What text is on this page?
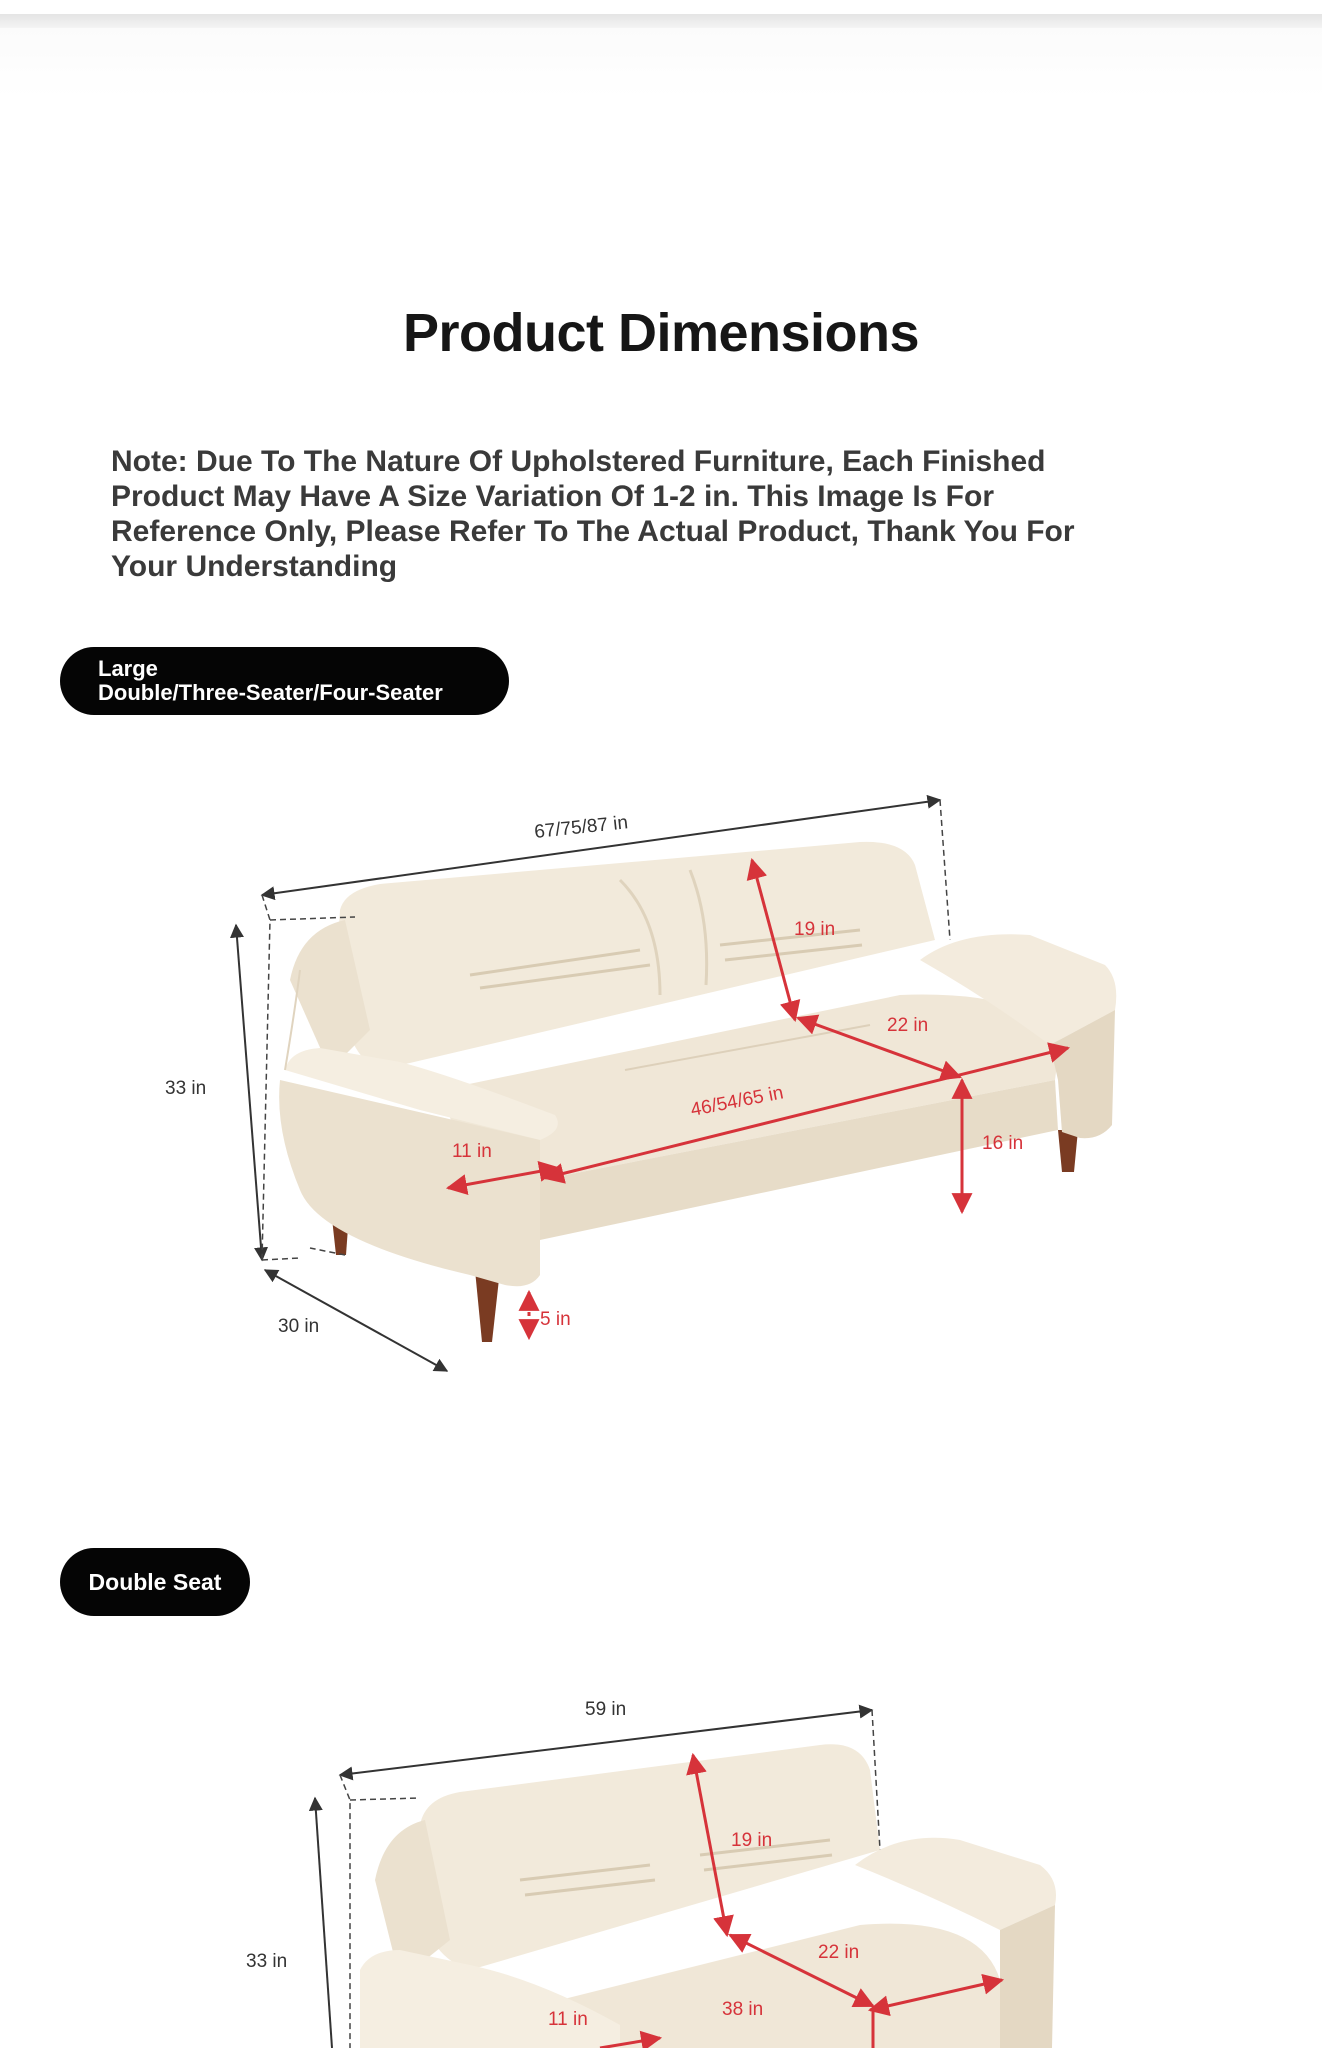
Product Dimensions
Note: Due To The Nature Of Upholstered Furniture, Each Finished Product May Have A Size Variation Of 1-2 in. This Image Is For Reference Only, Please Refer To The Actual Product, Thank You For Your Understanding
Large
Double/Three-Seater/Four-Seater
67/75/87 in
33 in
30 in
19 in
22 in
46/54/65 in
16 in
11 in
5 in
Double Seat
59 in
33 in
19 in
22 in
38 in
11 in
